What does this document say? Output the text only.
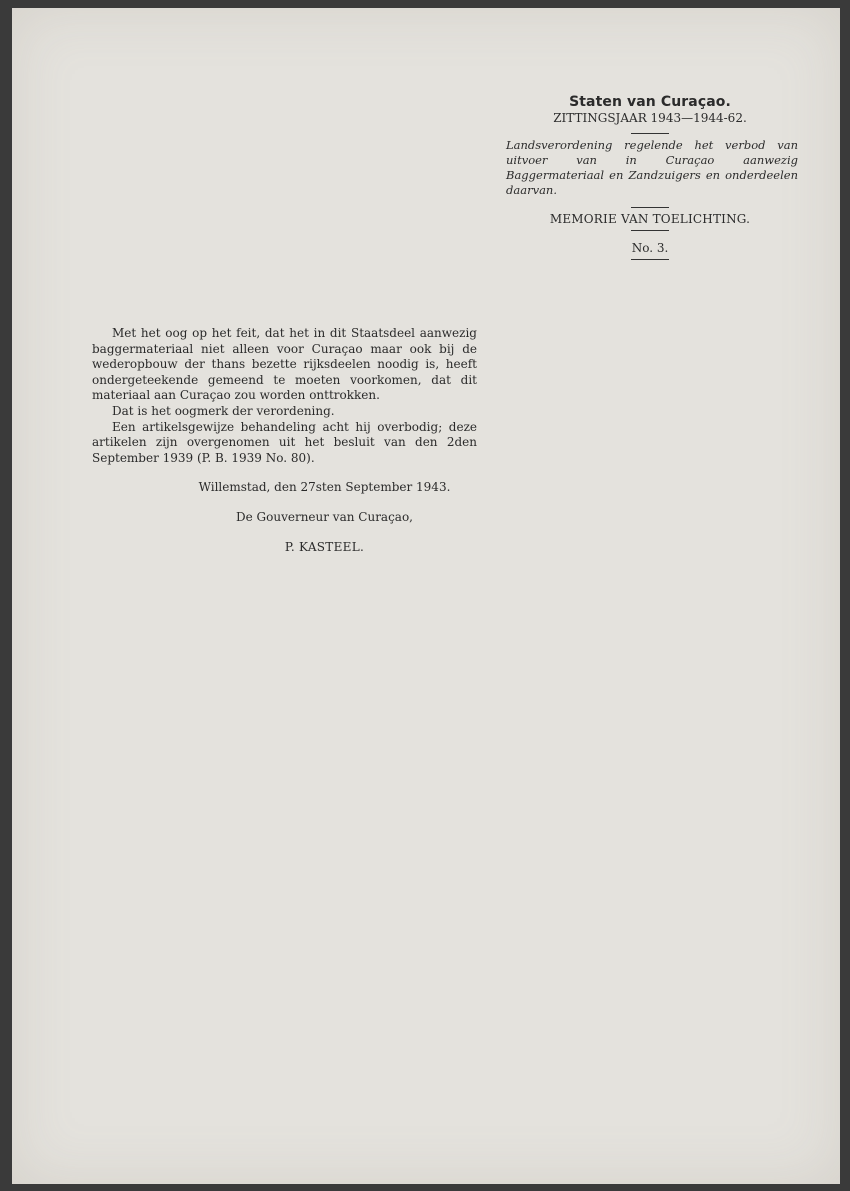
Staten van Curaçao.
ZITTINGSJAAR 1943—1944-62.
Landsverordening regelende het verbod van uitvoer van in Curaçao aanwezig Baggermateriaal en Zandzuigers en onderdeelen daarvan.
MEMORIE VAN TOELICHTING.
No. 3.

Met het oog op het feit, dat het in dit Staatsdeel aanwezig baggermateriaal niet alleen voor Curaçao maar ook bij de wederopbouw der thans bezette rijksdeelen noodig is, heeft ondergeteekende gemeend te moeten voorkomen, dat dit materiaal aan Curaçao zou worden onttrokken.

Dat is het oogmerk der verordening.

Een artikelsgewijze behandeling acht hij overbodig; deze artikelen zijn overgenomen uit het besluit van den 2den September 1939 (P. B. 1939 No. 80).

Willemstad, den 27sten September 1943.
De Gouverneur van Curaçao,
P. KASTEEL.
